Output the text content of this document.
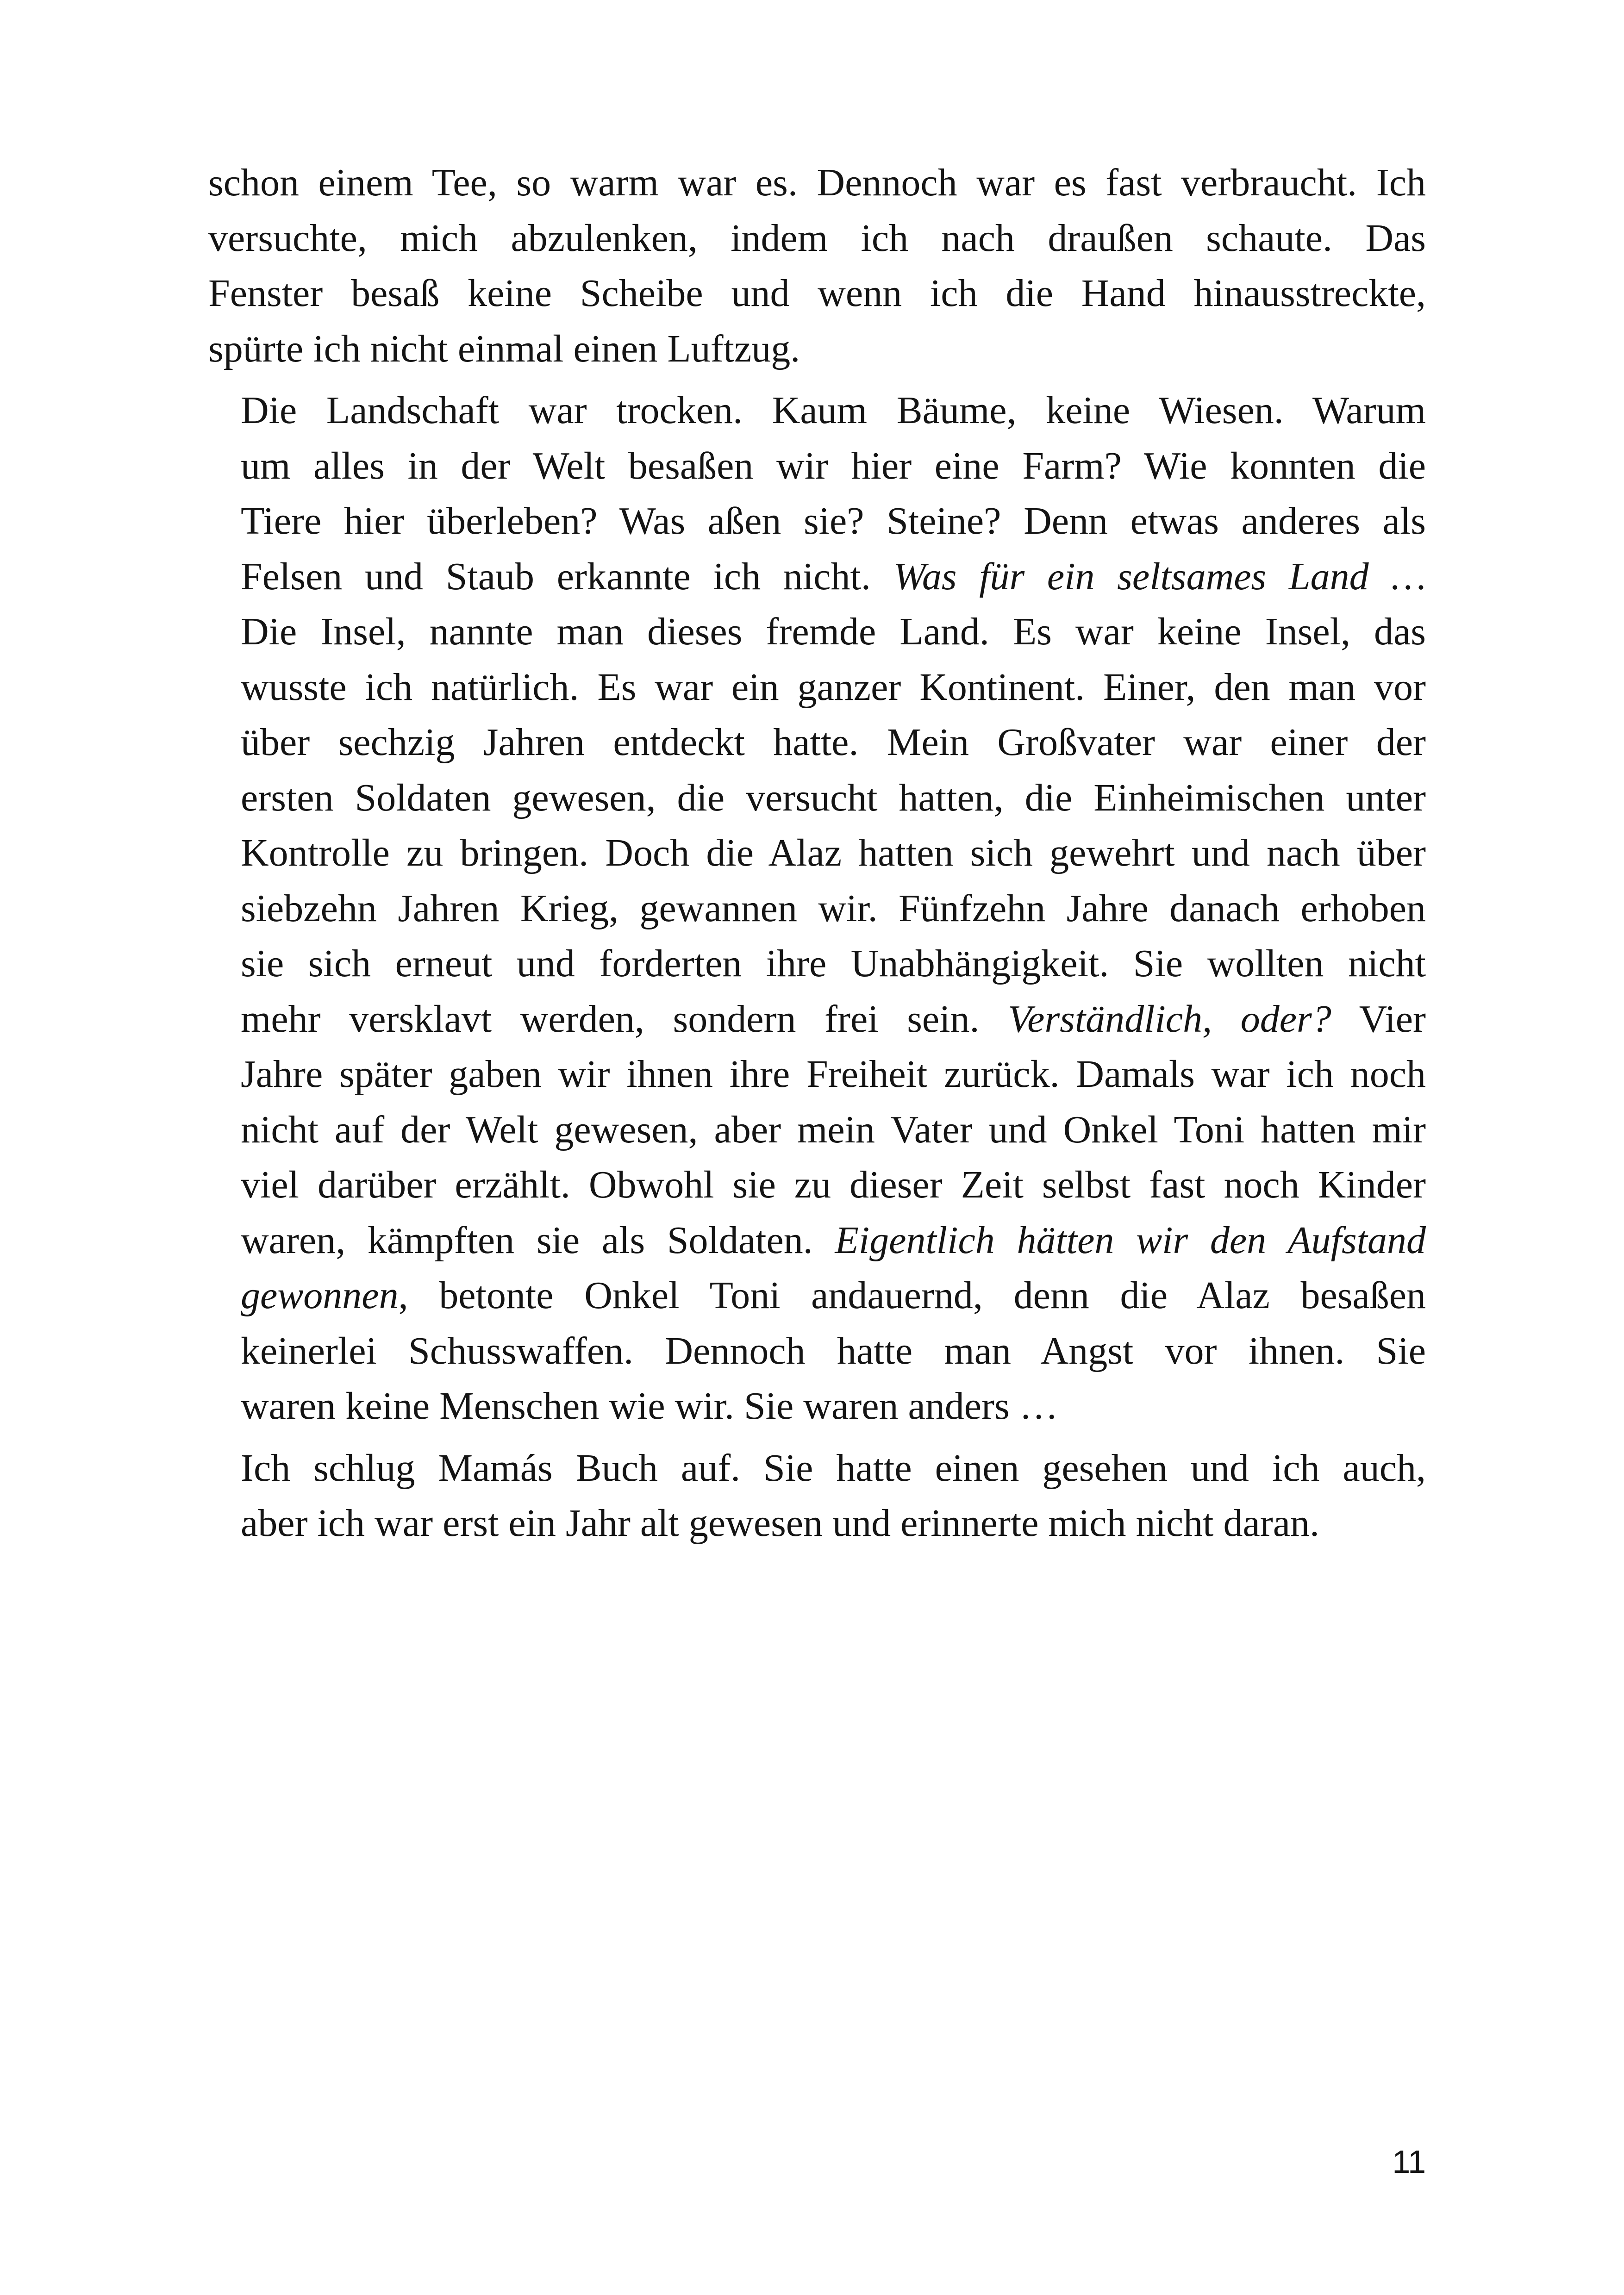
schon einem Tee, so warm war es. Dennoch war es fast verbraucht. Ich
versuchte, mich abzulenken, indem ich nach draußen schaute. Das
Fenster besaß keine Scheibe und wenn ich die Hand hinausstreckte,
spürte ich nicht einmal einen Luftzug.
Die Landschaft war trocken. Kaum Bäume, keine Wiesen. Warum
um alles in der Welt besaßen wir hier eine Farm? Wie konnten die
Tiere hier überleben? Was aßen sie? Steine? Denn etwas anderes als
Felsen und Staub erkannte ich nicht. Was für ein seltsames Land …
Die Insel, nannte man dieses fremde Land. Es war keine Insel, das
wusste ich natürlich. Es war ein ganzer Kontinent. Einer, den man vor
über sechzig Jahren entdeckt hatte. Mein Großvater war einer der
ersten Soldaten gewesen, die versucht hatten, die Einheimischen unter
Kontrolle zu bringen. Doch die Alaz hatten sich gewehrt und nach über
siebzehn Jahren Krieg, gewannen wir. Fünfzehn Jahre danach erhoben
sie sich erneut und forderten ihre Unabhängigkeit. Sie wollten nicht
mehr versklavt werden, sondern frei sein. Verständlich, oder? Vier
Jahre später gaben wir ihnen ihre Freiheit zurück. Damals war ich noch
nicht auf der Welt gewesen, aber mein Vater und Onkel Toni hatten mir
viel darüber erzählt. Obwohl sie zu dieser Zeit selbst fast noch Kinder
waren, kämpften sie als Soldaten. Eigentlich hätten wir den Aufstand
gewonnen, betonte Onkel Toni andauernd, denn die Alaz besaßen
keinerlei Schusswaffen. Dennoch hatte man Angst vor ihnen. Sie
waren keine Menschen wie wir. Sie waren anders …
Ich schlug Mamás Buch auf. Sie hatte einen gesehen und ich auch,
aber ich war erst ein Jahr alt gewesen und erinnerte mich nicht daran.
11
